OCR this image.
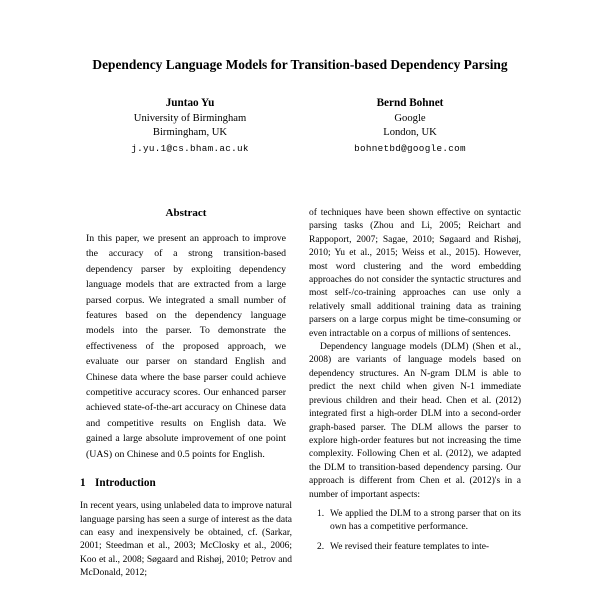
Dependency Language Models for Transition-based Dependency Parsing
Juntao Yu
University of Birmingham
Birmingham, UK
j.yu.1@cs.bham.ac.uk
Bernd Bohnet
Google
London, UK
bohnetbd@google.com
Abstract

In this paper, we present an approach to improve the accuracy of a strong transition-based dependency parser by exploiting dependency language models that are extracted from a large parsed corpus. We integrated a small number of features based on the dependency language models into the parser. To demonstrate the effectiveness of the proposed approach, we evaluate our parser on standard English and Chinese data where the base parser could achieve competitive accuracy scores. Our enhanced parser achieved state-of-the-art accuracy on Chinese data and competitive results on English data. We gained a large absolute improvement of one point (UAS) on Chinese and 0.5 points for English.

1 Introduction

In recent years, using unlabeled data to improve natural language parsing has seen a surge of interest as the data can easy and inexpensively be obtained, cf. (Sarkar, 2001; Steedman et al., 2003; McClosky et al., 2006; Koo et al., 2008; Søgaard and Rishøj, 2010; Petrov and McDonald, 2012;

of techniques have been shown effective on syntactic parsing tasks (Zhou and Li, 2005; Reichart and Rappoport, 2007; Sagae, 2010; Søgaard and Rishøj, 2010; Yu et al., 2015; Weiss et al., 2015). However, most word clustering and the word embedding approaches do not consider the syntactic structures and most self-/co-training approaches can use only a relatively small additional training data as training parsers on a large corpus might be time-consuming or even intractable on a corpus of millions of sentences.

Dependency language models (DLM) (Shen et al., 2008) are variants of language models based on dependency structures. An N-gram DLM is able to predict the next child when given N-1 immediate previous children and their head. Chen et al. (2012) integrated first a high-order DLM into a second-order graph-based parser. The DLM allows the parser to explore high-order features but not increasing the time complexity. Following Chen et al. (2012), we adapted the DLM to transition-based dependency parsing. Our approach is different from Chen et al. (2012)'s in a number of important aspects:

1. We applied the DLM to a strong parser that on its own has a competitive performance.
2. We revised their feature templates to inte-
